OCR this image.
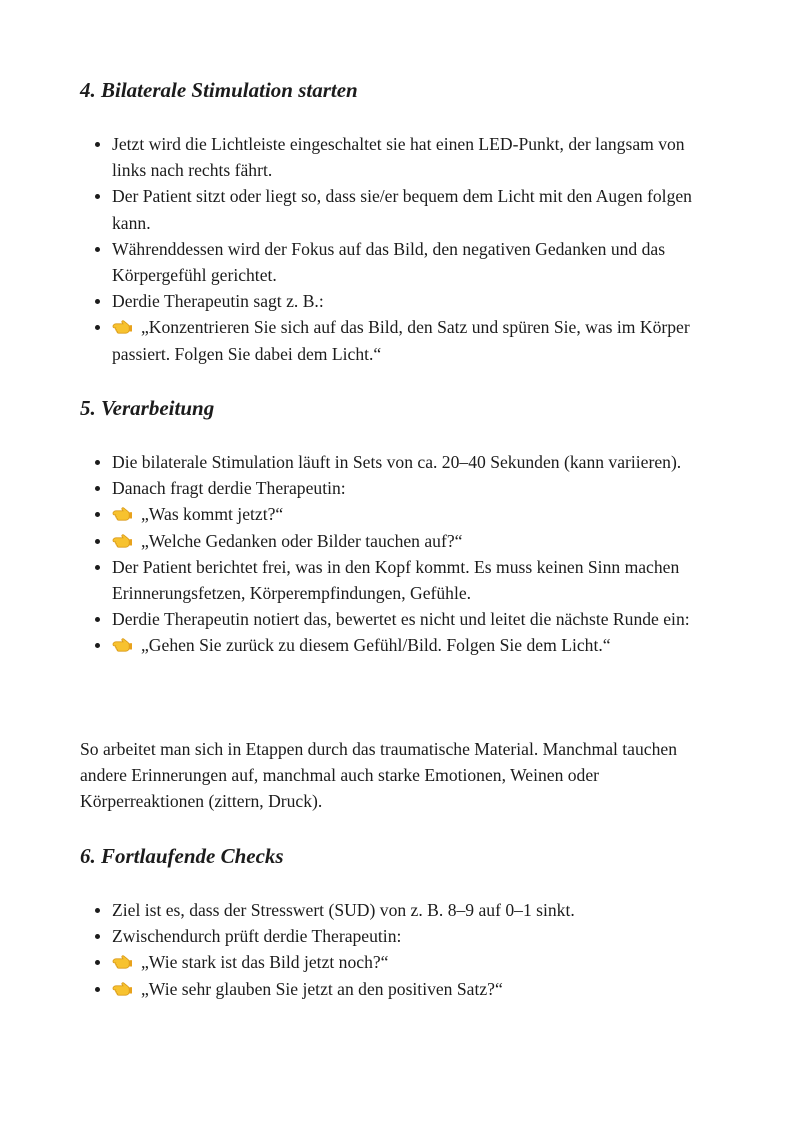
4. Bilaterale Stimulation starten
Jetzt wird die Lichtleiste eingeschaltet sie hat einen LED-Punkt, der langsam von links nach rechts fährt.
Der Patient sitzt oder liegt so, dass sie/er bequem dem Licht mit den Augen folgen kann.
Währenddessen wird der Fokus auf das Bild, den negativen Gedanken und das Körpergefühl gerichtet.
Derdie Therapeutin sagt z. B.:
„Konzentrieren Sie sich auf das Bild, den Satz und spüren Sie, was im Körper passiert. Folgen Sie dabei dem Licht.“
5. Verarbeitung
Die bilaterale Stimulation läuft in Sets von ca. 20–40 Sekunden (kann variieren).
Danach fragt derdie Therapeutin:
„Was kommt jetzt?“
„Welche Gedanken oder Bilder tauchen auf?“
Der Patient berichtet frei, was in den Kopf kommt. Es muss keinen Sinn machen Erinnerungsfetzen, Körperempfindungen, Gefühle.
Derdie Therapeutin notiert das, bewertet es nicht und leitet die nächste Runde ein:
„Gehen Sie zurück zu diesem Gefühl/Bild. Folgen Sie dem Licht.“

So arbeitet man sich in Etappen durch das traumatische Material. Manchmal tauchen andere Erinnerungen auf, manchmal auch starke Emotionen, Weinen oder Körperreaktionen (zittern, Druck).

6. Fortlaufende Checks
Ziel ist es, dass der Stresswert (SUD) von z. B. 8–9 auf 0–1 sinkt.
Zwischendurch prüft derdie Therapeutin:
„Wie stark ist das Bild jetzt noch?“
„Wie sehr glauben Sie jetzt an den positiven Satz?“
